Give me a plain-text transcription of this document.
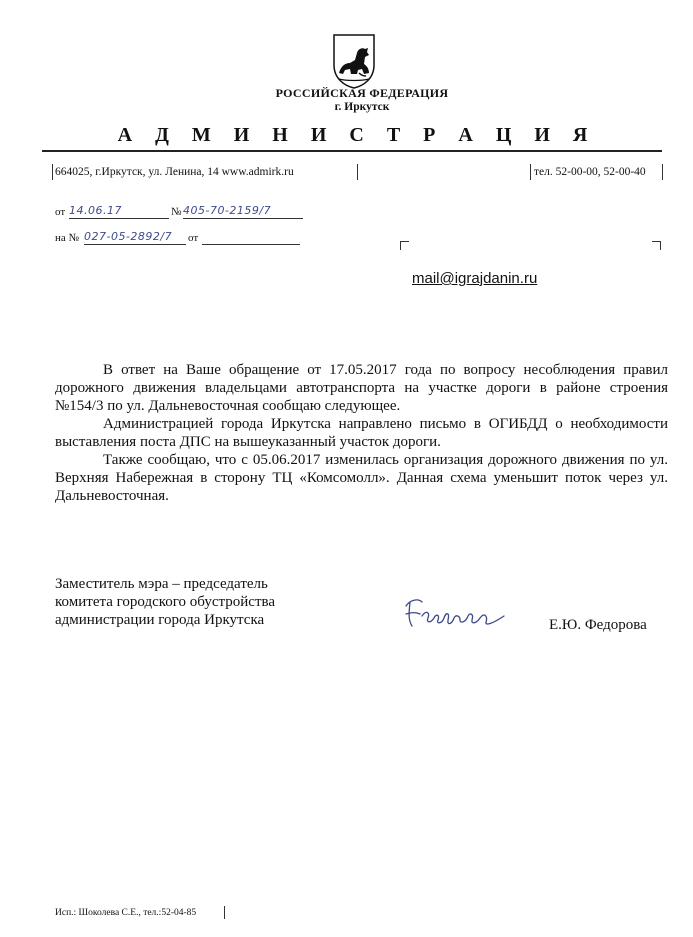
РОССИЙСКАЯ ФЕДЕРАЦИЯ
г. Иркутск
А Д М И Н И С Т Р А Ц И Я
664025, г.Иркутск, ул. Ленина, 14 www.admirk.ru	тел. 52-00-00, 52-00-40
от 14.06.17	№ 405-70-2159/7
на № 027-05-2892/7	от
mail@igrajdanin.ru

В ответ на Ваше обращение от 17.05.2017 года по вопросу несоблюдения правил дорожного движения владельцами автотранспорта на участке дороги в районе строения №154/3 по ул. Дальневосточная сообщаю следующее.

Администрацией города Иркутска направлено письмо в ОГИБДД о необходимости выставления поста ДПС на вышеуказанный участок дороги.

Также сообщаю, что с 05.06.2017 изменилась организация дорожного движения по ул. Верхняя Набережная в сторону ТЦ «Комсомолл». Данная схема уменьшит поток через ул. Дальневосточная.

Заместитель мэра – председатель
комитета городского обустройства
администрации города Иркутска	Е.Ю. Федорова
Исп.: Шоколева С.Е., тел.:52-04-85
